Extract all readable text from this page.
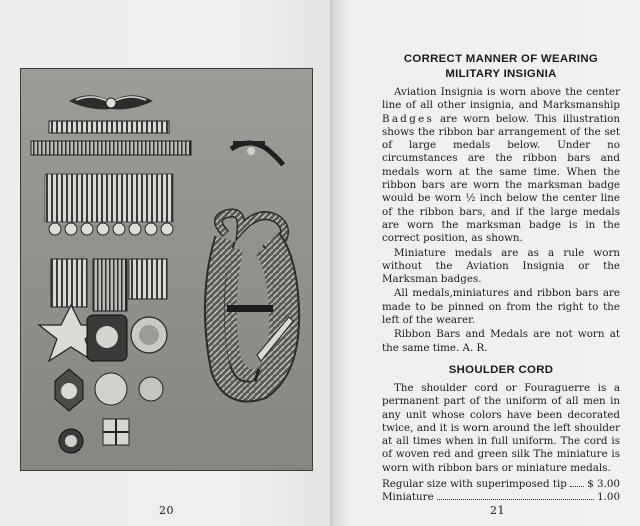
20
CORRECT MANNER OF WEARING
MILITARY INSIGNIA

Aviation Insignia is worn above the center line of all other insignia, and Marksmanship Badges are worn below. This illustration shows the ribbon bar arrangement of the set of large medals below. Under no circumstances are the ribbon bars and medals worn at the same time. When the ribbon bars are worn the marksman badge would be worn ½ inch below the center line of the ribbon bars, and if the large medals are worn the marksman badge is in the correct position, as shown.

Miniature medals are as a rule worn without the Aviation Insignia or the Marksman badges.

All medals,miniatures and ribbon bars are made to be pinned on from the right to the left of the wearer.

Ribbon Bars and Medals are not worn at the same time. A. R.

SHOULDER CORD

The shoulder cord or Fouraguerre is a permanent part of the uniform of all men in any unit whose colors have been decorated twice, and it is worn around the left shoulder at all times when in full uniform. The cord is of woven red and green silk The miniature is worn with ribbon bars or miniature medals.

Regular size with superimposed tip $ 3.00
Miniature	1.00
21
